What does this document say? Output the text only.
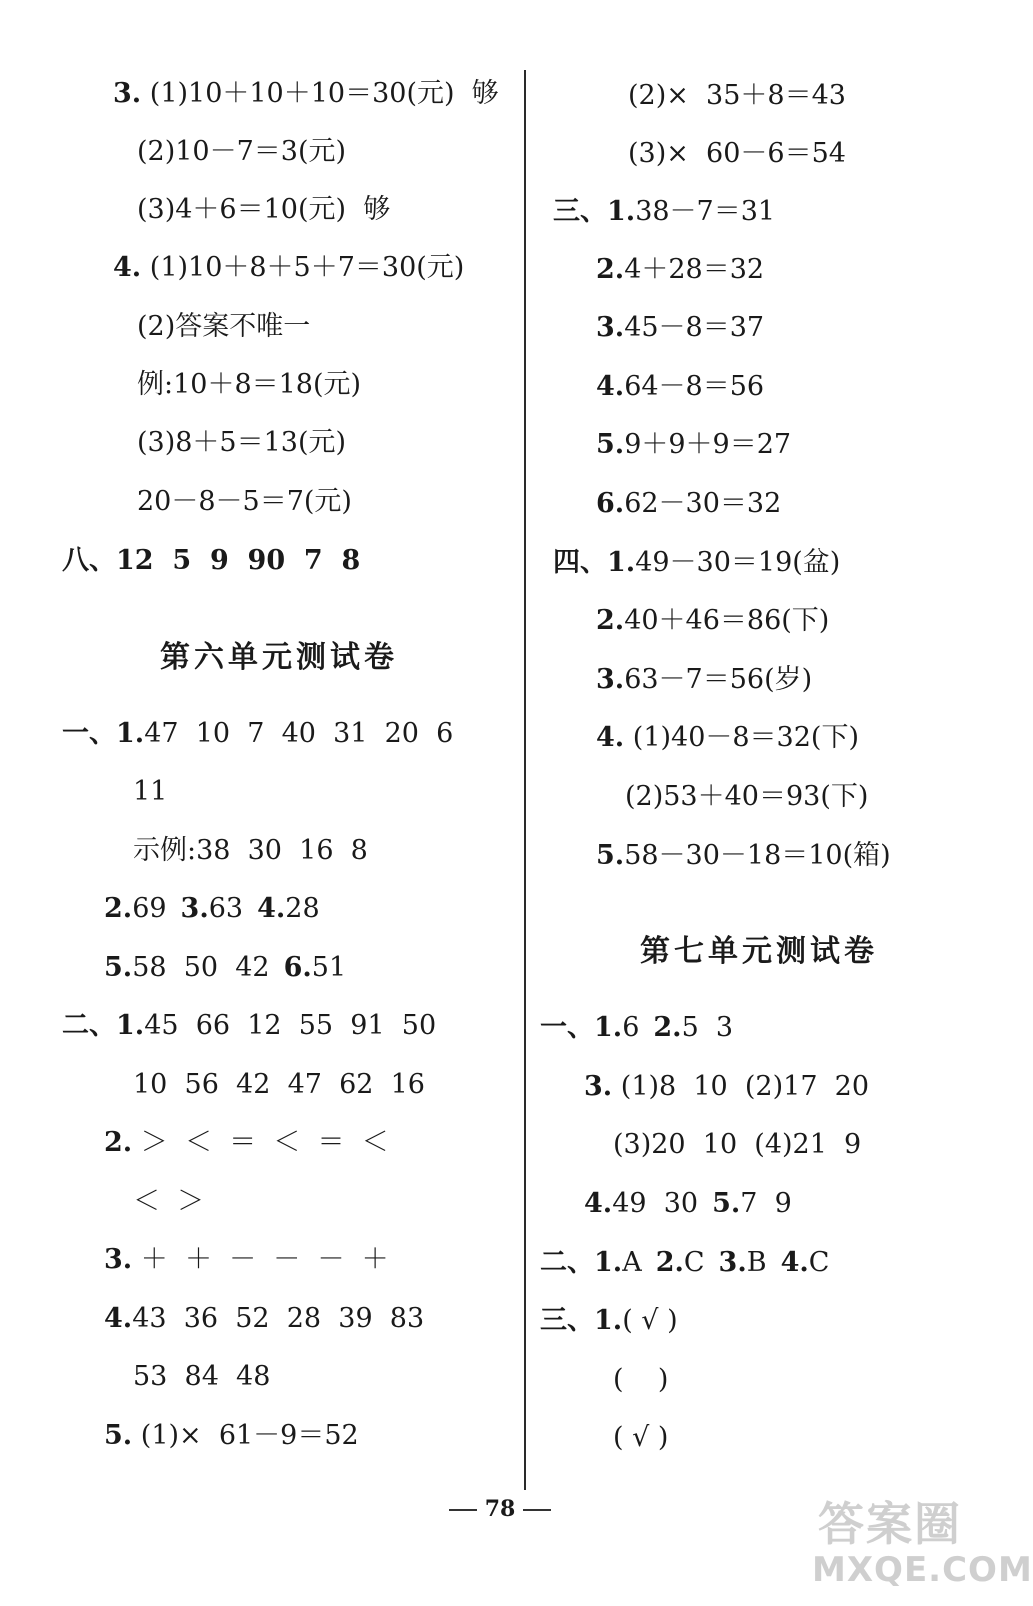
3. (1)10＋10＋10＝30(元)  够
(2)10－7＝3(元)
(3)4＋6＝10(元)  够
4. (1)10＋8＋5＋7＝30(元)
(2)答案不唯一
例:10＋8＝18(元)
(3)8＋5＝13(元)
20－8－5＝7(元)
八、12  5  9  90  7  8
第六单元测试卷
一、1.47  10  7  40  31  20  6
11
示例:38  30  16  8
2.69 3.63 4.28
5.58  50  42 6.51
二、1.45  66  12  55  91  50
10  56  42  47  62  16
2. ＞  ＜  ＝  ＜  ＝  ＜
＜  ＞
3. ＋  ＋  －  －  －  ＋
4.43  36  52  28  39  83
53  84  48
5. (1)×  61－9＝52
(2)×  35＋8＝43
(3)×  60－6＝54
三、1.38－7＝31
2.4＋28＝32
3.45－8＝37
4.64－8＝56
5.9＋9＋9＝27
6.62－30＝32
四、1.49－30＝19(盆)
2.40＋46＝86(下)
3.63－7＝56(岁)
4. (1)40－8＝32(下)
(2)53＋40＝93(下)
5.58－30－18＝10(箱)
第七单元测试卷
一、1.6 2.5  3
3. (1)8  10  (2)17  20
(3)20  10  (4)21  9
4.49  30 5.7  9
二、1.A 2.C 3.B 4.C
三、1.( √ )
(    )
( √ )
78	答案圈
MXQE.COM
